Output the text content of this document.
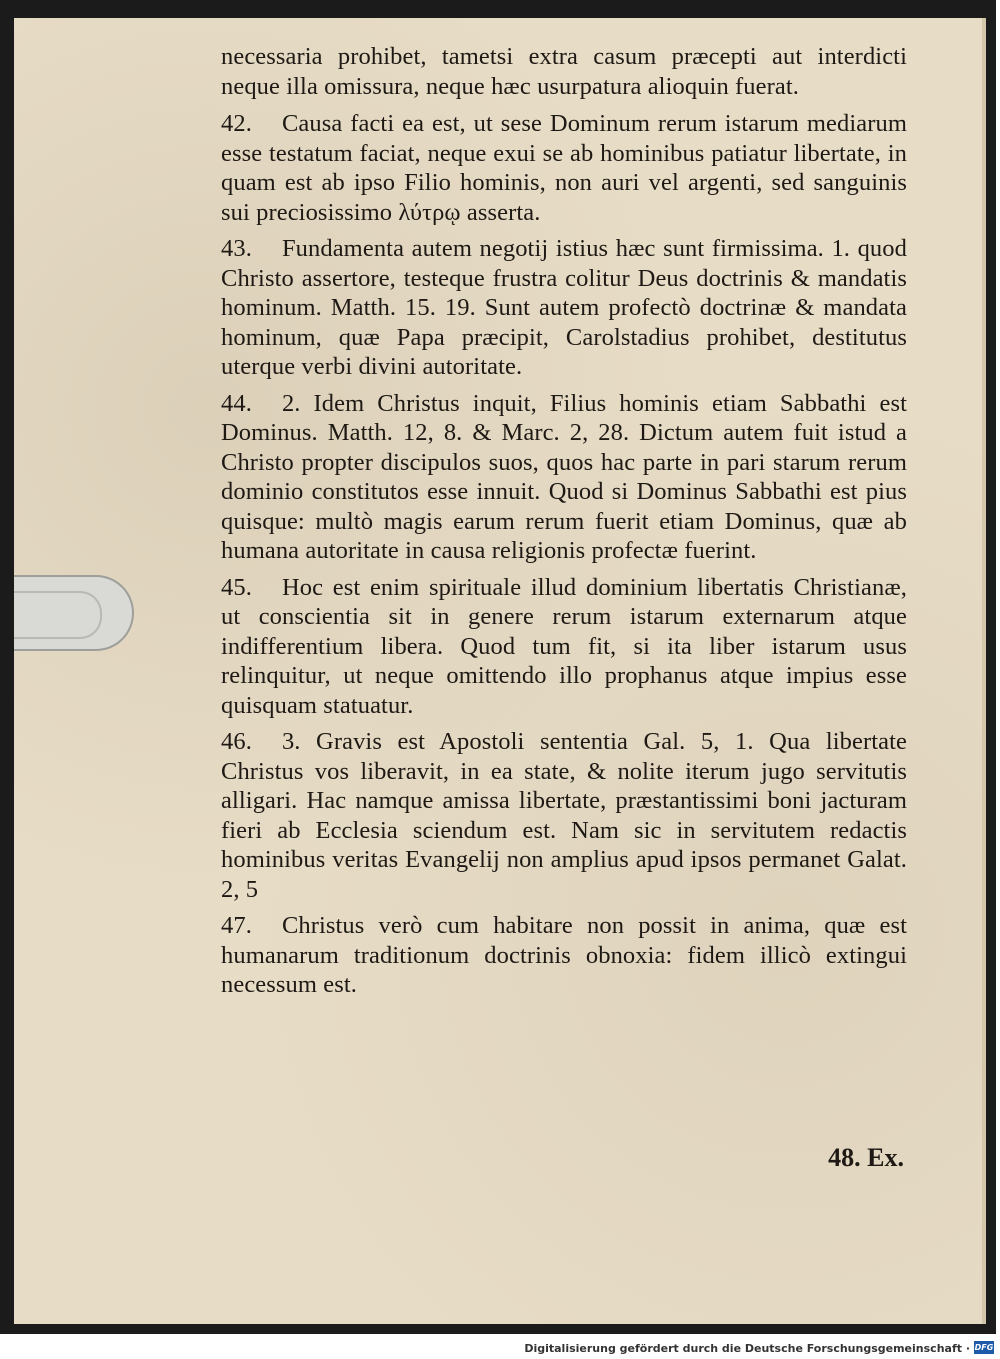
necessaria prohibet, tametsi extra casum præcepti aut interdicti neque illa omissura, neque hæc usurpatura alioquin fuerat.

42. Causa facti ea est, ut sese Dominum rerum istarum mediarum esse testatum faciat, neque exui se ab hominibus patiatur libertate, in quam est ab ipso Filio hominis, non auri vel argenti, sed sanguinis sui preciosissimo λύτρῳ asserta.

43. Fundamenta autem negotij istius hæc sunt firmissima. 1. quod Christo assertore, testeque frustra colitur Deus doctrinis & mandatis hominum. Matth. 15. 19. Sunt autem profectò doctrinæ & mandata hominum, quæ Papa præcipit, Carolstadius prohibet, destitutus uterque verbi divini autoritate.

44. 2. Idem Christus inquit, Filius hominis etiam Sabbathi est Dominus. Matth. 12, 8. & Marc. 2, 28. Dictum autem fuit istud a Christo propter discipulos suos, quos hac parte in pari starum rerum dominio constitutos esse innuit. Quod si Dominus Sabbathi est pius quisque: multò magis earum rerum fuerit etiam Dominus, quæ ab humana autoritate in causa religionis profectæ fuerint.

45. Hoc est enim spirituale illud dominium libertatis Christianæ, ut conscientia sit in genere rerum istarum externarum atque indifferentium libera. Quod tum fit, si ita liber istarum usus relinquitur, ut neque omittendo illo prophanus atque impius esse quisquam statuatur.

46. 3. Gravis est Apostoli sententia Gal. 5, 1. Qua libertate Christus vos liberavit, in ea state, & nolite iterum jugo servitutis alligari. Hac namque amissa libertate, præstantissimi boni jacturam fieri ab Ecclesia sciendum est. Nam sic in servitutem redactis hominibus veritas Evangelij non amplius apud ipsos permanet Galat. 2, 5

47. Christus verò cum habitare non possit in anima, quæ est humanarum traditionum doctrinis obnoxia: fidem illicò extingui necessum est.

48. Ex.
Digitalisierung gefördert durch die Deutsche Forschungsgemeinschaft · DFG
